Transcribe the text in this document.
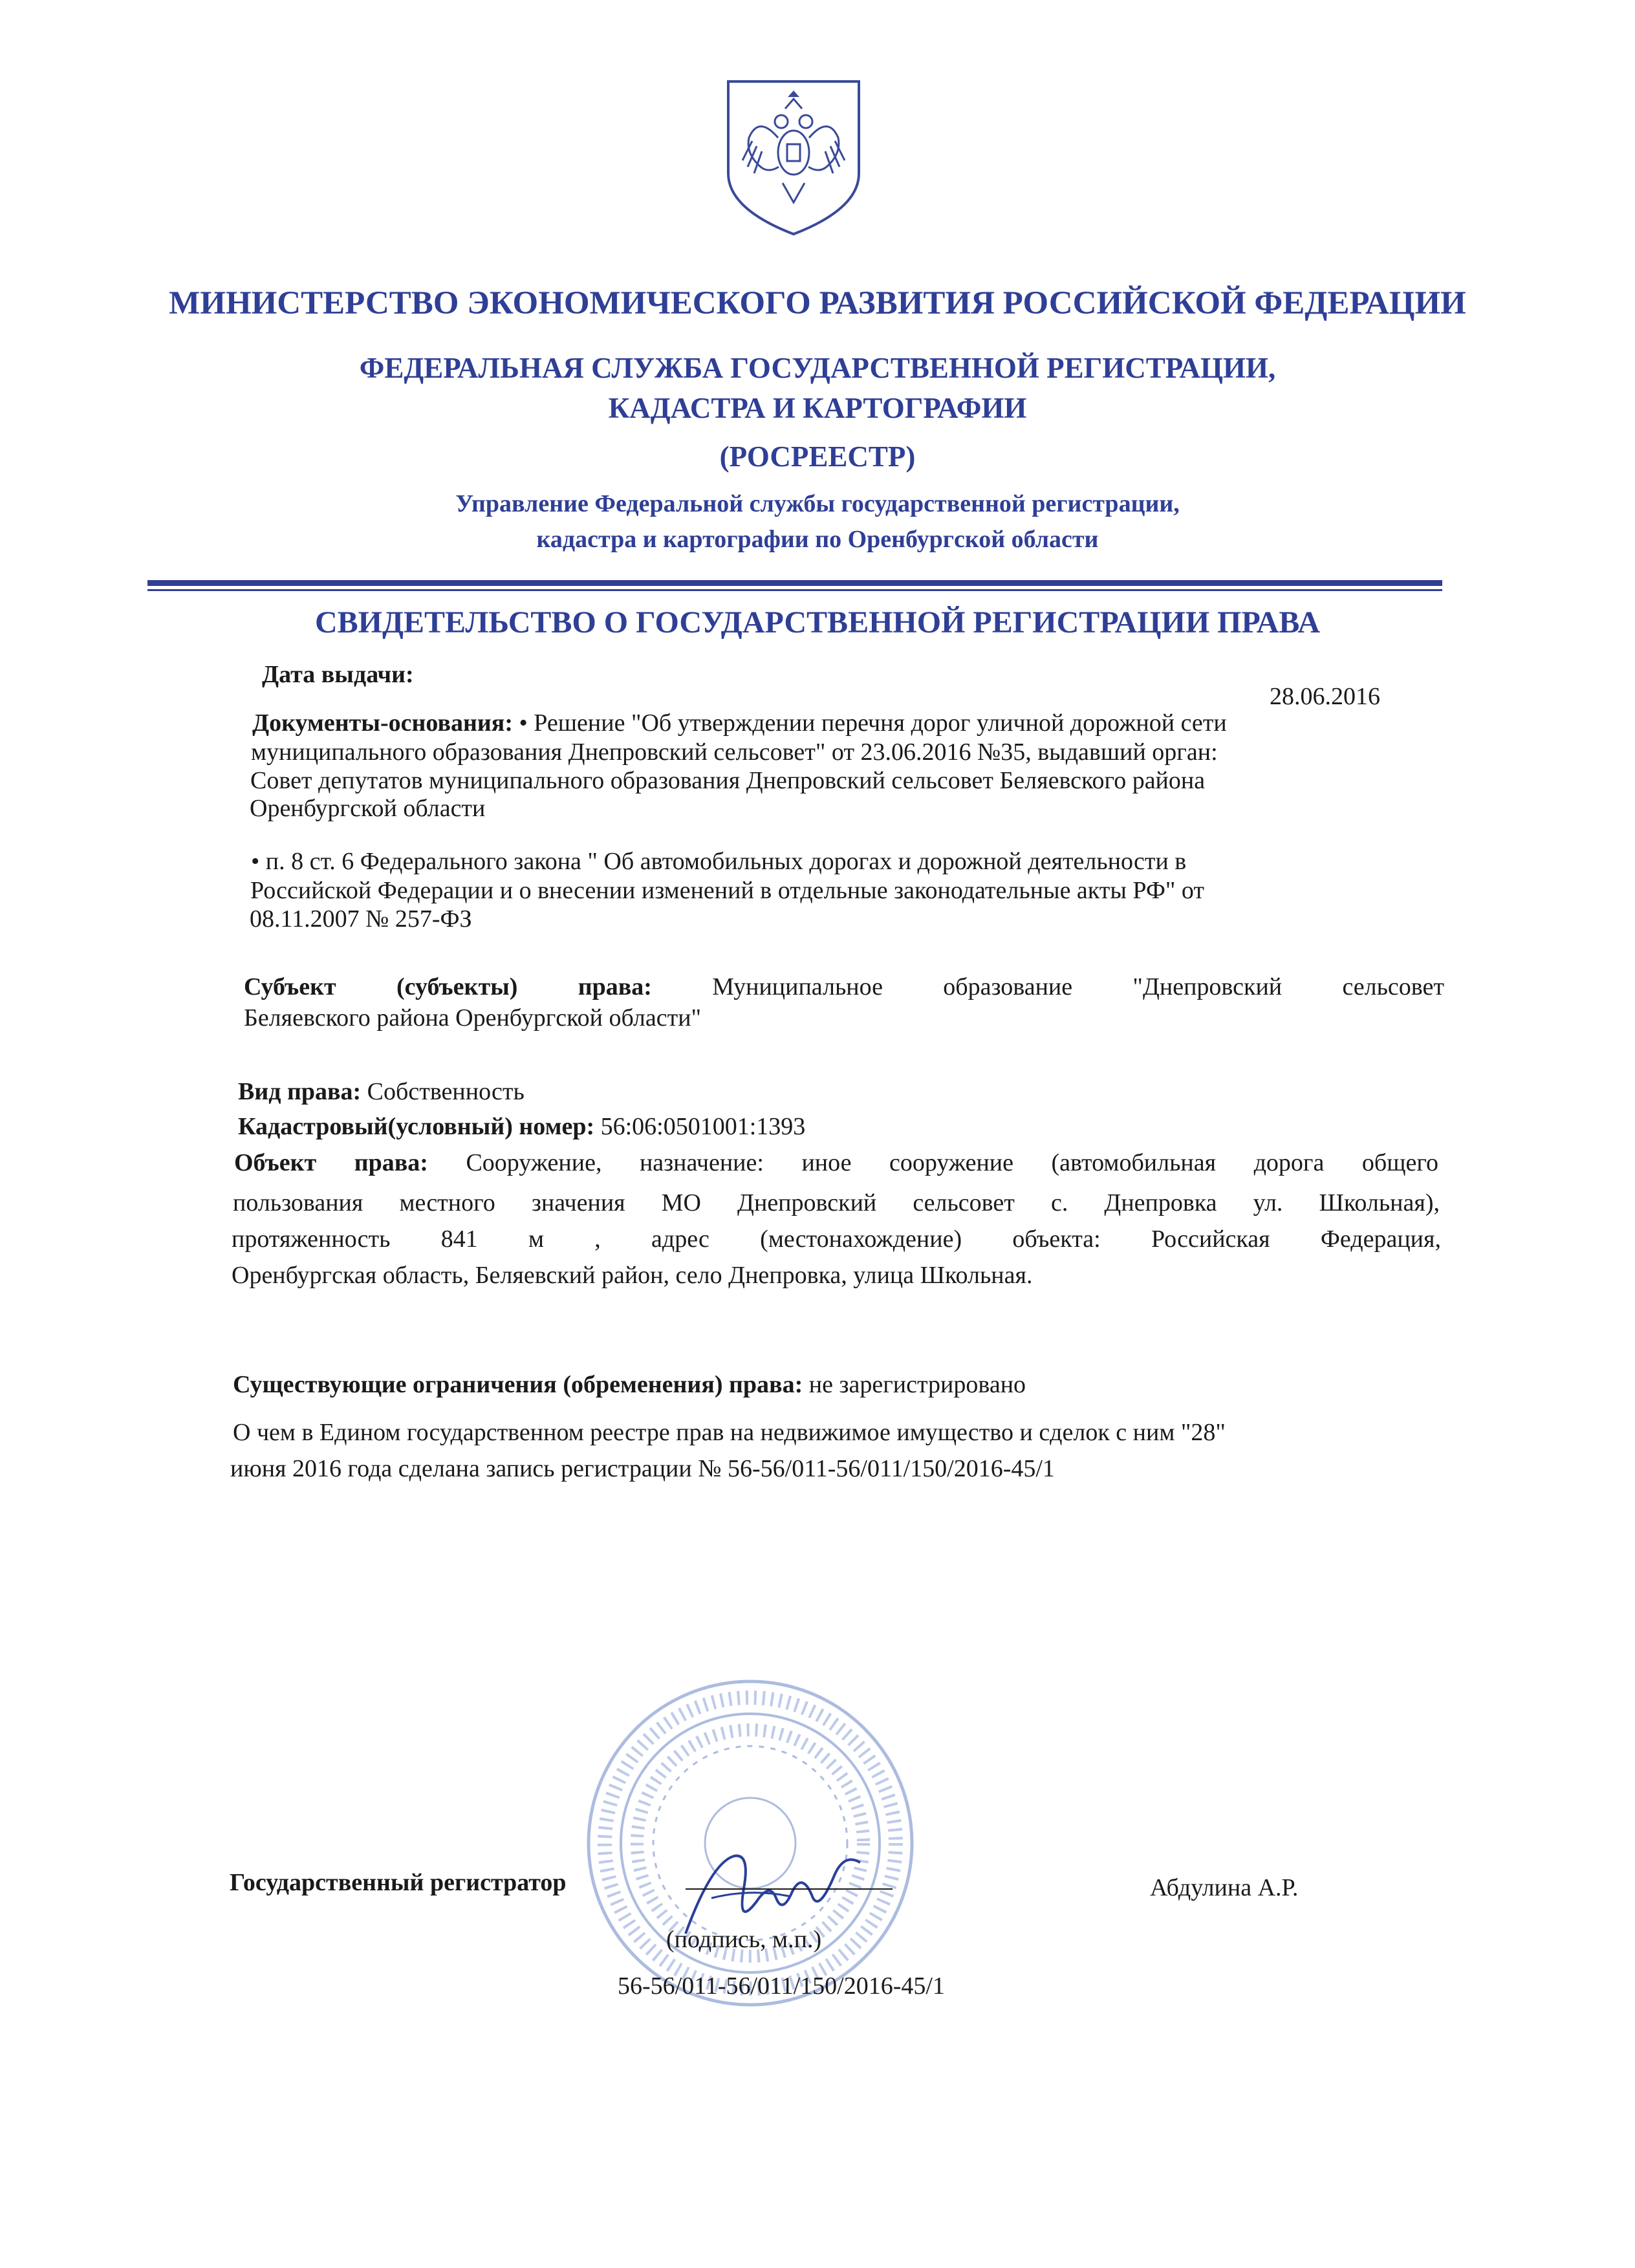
МИНИСТЕРСТВО ЭКОНОМИЧЕСКОГО РАЗВИТИЯ РОССИЙСКОЙ ФЕДЕРАЦИИ
ФЕДЕРАЛЬНАЯ СЛУЖБА ГОСУДАРСТВЕННОЙ РЕГИСТРАЦИИ,
КАДАСТРА И КАРТОГРАФИИ
(РОСРЕЕСТР)
Управление Федеральной службы государственной регистрации,
кадастра и картографии по Оренбургской области
СВИДЕТЕЛЬСТВО О ГОСУДАРСТВЕННОЙ РЕГИСТРАЦИИ ПРАВА
Дата выдачи:
28.06.2016
Документы-основания: • Решение "Об утверждении перечня дорог уличной дорожной сети
муниципального образования Днепровский сельсовет" от 23.06.2016 №35, выдавший орган:
Совет депутатов муниципального образования Днепровский сельсовет Беляевского района
Оренбургской области
• п. 8 ст. 6 Федерального закона " Об автомобильных дорогах и дорожной деятельности в
Российской Федерации и о внесении изменений в отдельные законодательные акты РФ" от
08.11.2007 № 257-ФЗ
Субъект (субъекты) права: Муниципальное образование "Днепровский сельсовет
Беляевского района Оренбургской области"
Вид права: Собственность
Кадастровый(условный) номер: 56:06:0501001:1393
Объект права: Сооружение, назначение: иное сооружение (автомобильная дорога общего
пользования местного значения МО Днепровский сельсовет с. Днепровка ул. Школьная),
протяженность 841 м , адрес (местонахождение) объекта: Российская Федерация,
Оренбургская область, Беляевский район, село Днепровка, улица Школьная.
Существующие ограничения (обременения) права: не зарегистрировано
О чем в Едином государственном реестре прав на недвижимое имущество и сделок с ним "28"
июня 2016 года сделана запись регистрации № 56-56/011-56/011/150/2016-45/1
Государственный регистратор	Абдулина А.Р.
(подпись, м.п.)
56-56/011-56/011/150/2016-45/1
